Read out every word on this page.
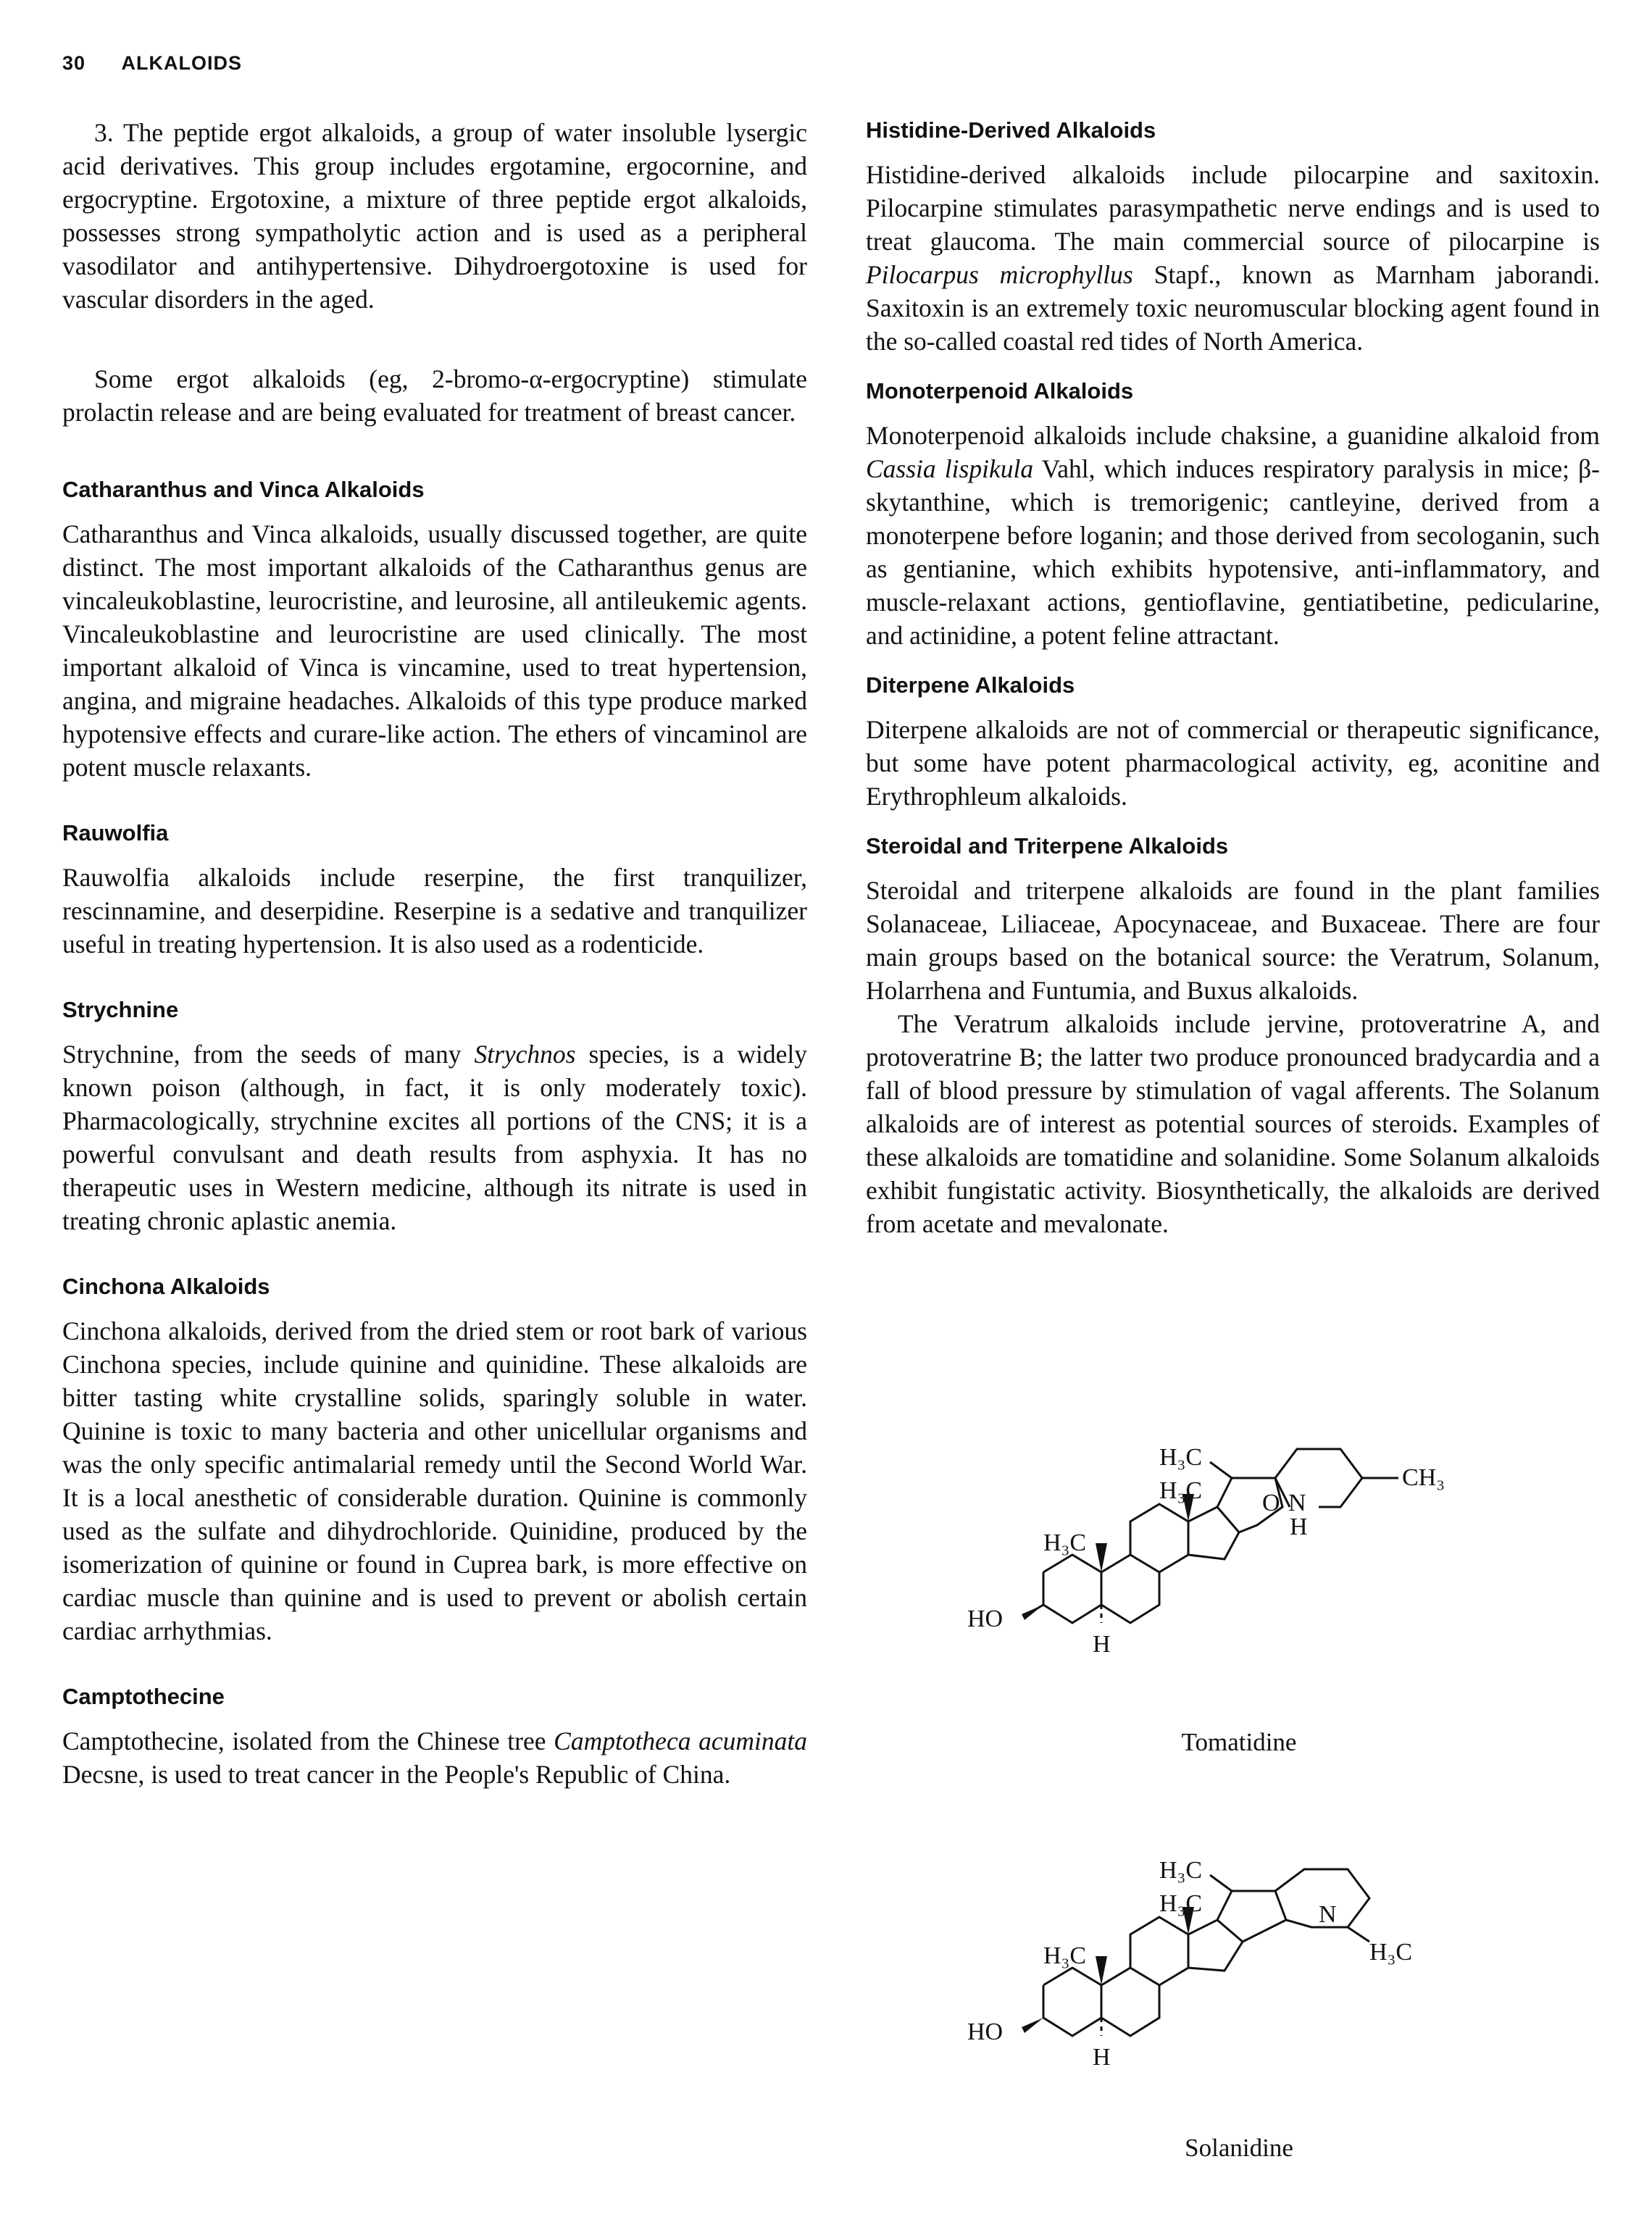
30 ALKALOIDS

3. The peptide ergot alkaloids, a group of water insoluble lysergic acid derivatives. This group includes ergotamine, ergocornine, and ergocryptine. Ergotoxine, a mixture of three peptide ergot alkaloids, possesses strong sympatholytic action and is used as a peripheral vasodilator and antihypertensive. Dihydroergotoxine is used for vascular disorders in the aged.

Some ergot alkaloids (eg, 2-bromo-α-ergocryptine) stimulate prolactin release and are being evaluated for treatment of breast cancer.

Catharanthus and Vinca Alkaloids

Catharanthus and Vinca alkaloids, usually discussed together, are quite distinct. The most important alkaloids of the Catharanthus genus are vincaleukoblastine, leurocristine, and leurosine, all antileukemic agents. Vincaleukoblastine and leurocristine are used clinically. The most important alkaloid of Vinca is vincamine, used to treat hypertension, angina, and migraine headaches. Alkaloids of this type produce marked hypotensive effects and curare-like action. The ethers of vincaminol are potent muscle relaxants.

Rauwolfia

Rauwolfia alkaloids include reserpine, the first tranquilizer, rescinnamine, and deserpidine. Reserpine is a sedative and tranquilizer useful in treating hypertension. It is also used as a rodenticide.

Strychnine

Strychnine, from the seeds of many Strychnos species, is a widely known poison (although, in fact, it is only moderately toxic). Pharmacologically, strychnine excites all portions of the CNS; it is a powerful convulsant and death results from asphyxia. It has no therapeutic uses in Western medicine, although its nitrate is used in treating chronic aplastic anemia.

Cinchona Alkaloids

Cinchona alkaloids, derived from the dried stem or root bark of various Cinchona species, include quinine and quinidine. These alkaloids are bitter tasting white crystalline solids, sparingly soluble in water. Quinine is toxic to many bacteria and other unicellular organisms and was the only specific antimalarial remedy until the Second World War. It is a local anesthetic of considerable duration. Quinine is commonly used as the sulfate and dihydrochloride. Quinidine, produced by the isomerization of quinine or found in Cuprea bark, is more effective on cardiac muscle than quinine and is used to prevent or abolish certain cardiac arrhythmias.

Camptothecine

Camptothecine, isolated from the Chinese tree Camptotheca acuminata Decsne, is used to treat cancer in the People's Republic of China.

Histidine-Derived Alkaloids

Histidine-derived alkaloids include pilocarpine and saxitoxin. Pilocarpine stimulates parasympathetic nerve endings and is used to treat glaucoma. The main commercial source of pilocarpine is Pilocarpus microphyllus Stapf., known as Marnham jaborandi. Saxitoxin is an extremely toxic neuromuscular blocking agent found in the so-called coastal red tides of North America.

Monoterpenoid Alkaloids

Monoterpenoid alkaloids include chaksine, a guanidine alkaloid from Cassia lispikula Vahl, which induces respiratory paralysis in mice; β-skytanthine, which is tremorigenic; cantleyine, derived from a monoterpene before loganin; and those derived from secologanin, such as gentianine, which exhibits hypotensive, anti-inflammatory, and muscle-relaxant actions, gentioflavine, gentiatibetine, pedicularine, and actinidine, a potent feline attractant.

Diterpene Alkaloids

Diterpene alkaloids are not of commercial or therapeutic significance, but some have potent pharmacological activity, eg, aconitine and Erythrophleum alkaloids.

Steroidal and Triterpene Alkaloids

Steroidal and triterpene alkaloids are found in the plant families Solanaceae, Liliaceae, Apocynaceae, and Buxaceae. There are four main groups based on the botanical source: the Veratrum, Solanum, Holarrhena and Funtumia, and Buxus alkaloids.

The Veratrum alkaloids include jervine, protoveratrine A, and protoveratrine B; the latter two produce pronounced bradycardia and a fall of blood pressure by stimulation of vagal afferents. The Solanum alkaloids are of interest as potential sources of steroids. Examples of these alkaloids are tomatidine and solanidine. Some Solanum alkaloids exhibit fungistatic activity. Biosynthetically, the alkaloids are derived from acetate and mevalonate.

H₃C
H₃C
H₃C
CH₃
HO
H
O N
H
Tomatidine
H₃C
H₃C
H₃C	H₃C
HO
H
N
Solanidine
